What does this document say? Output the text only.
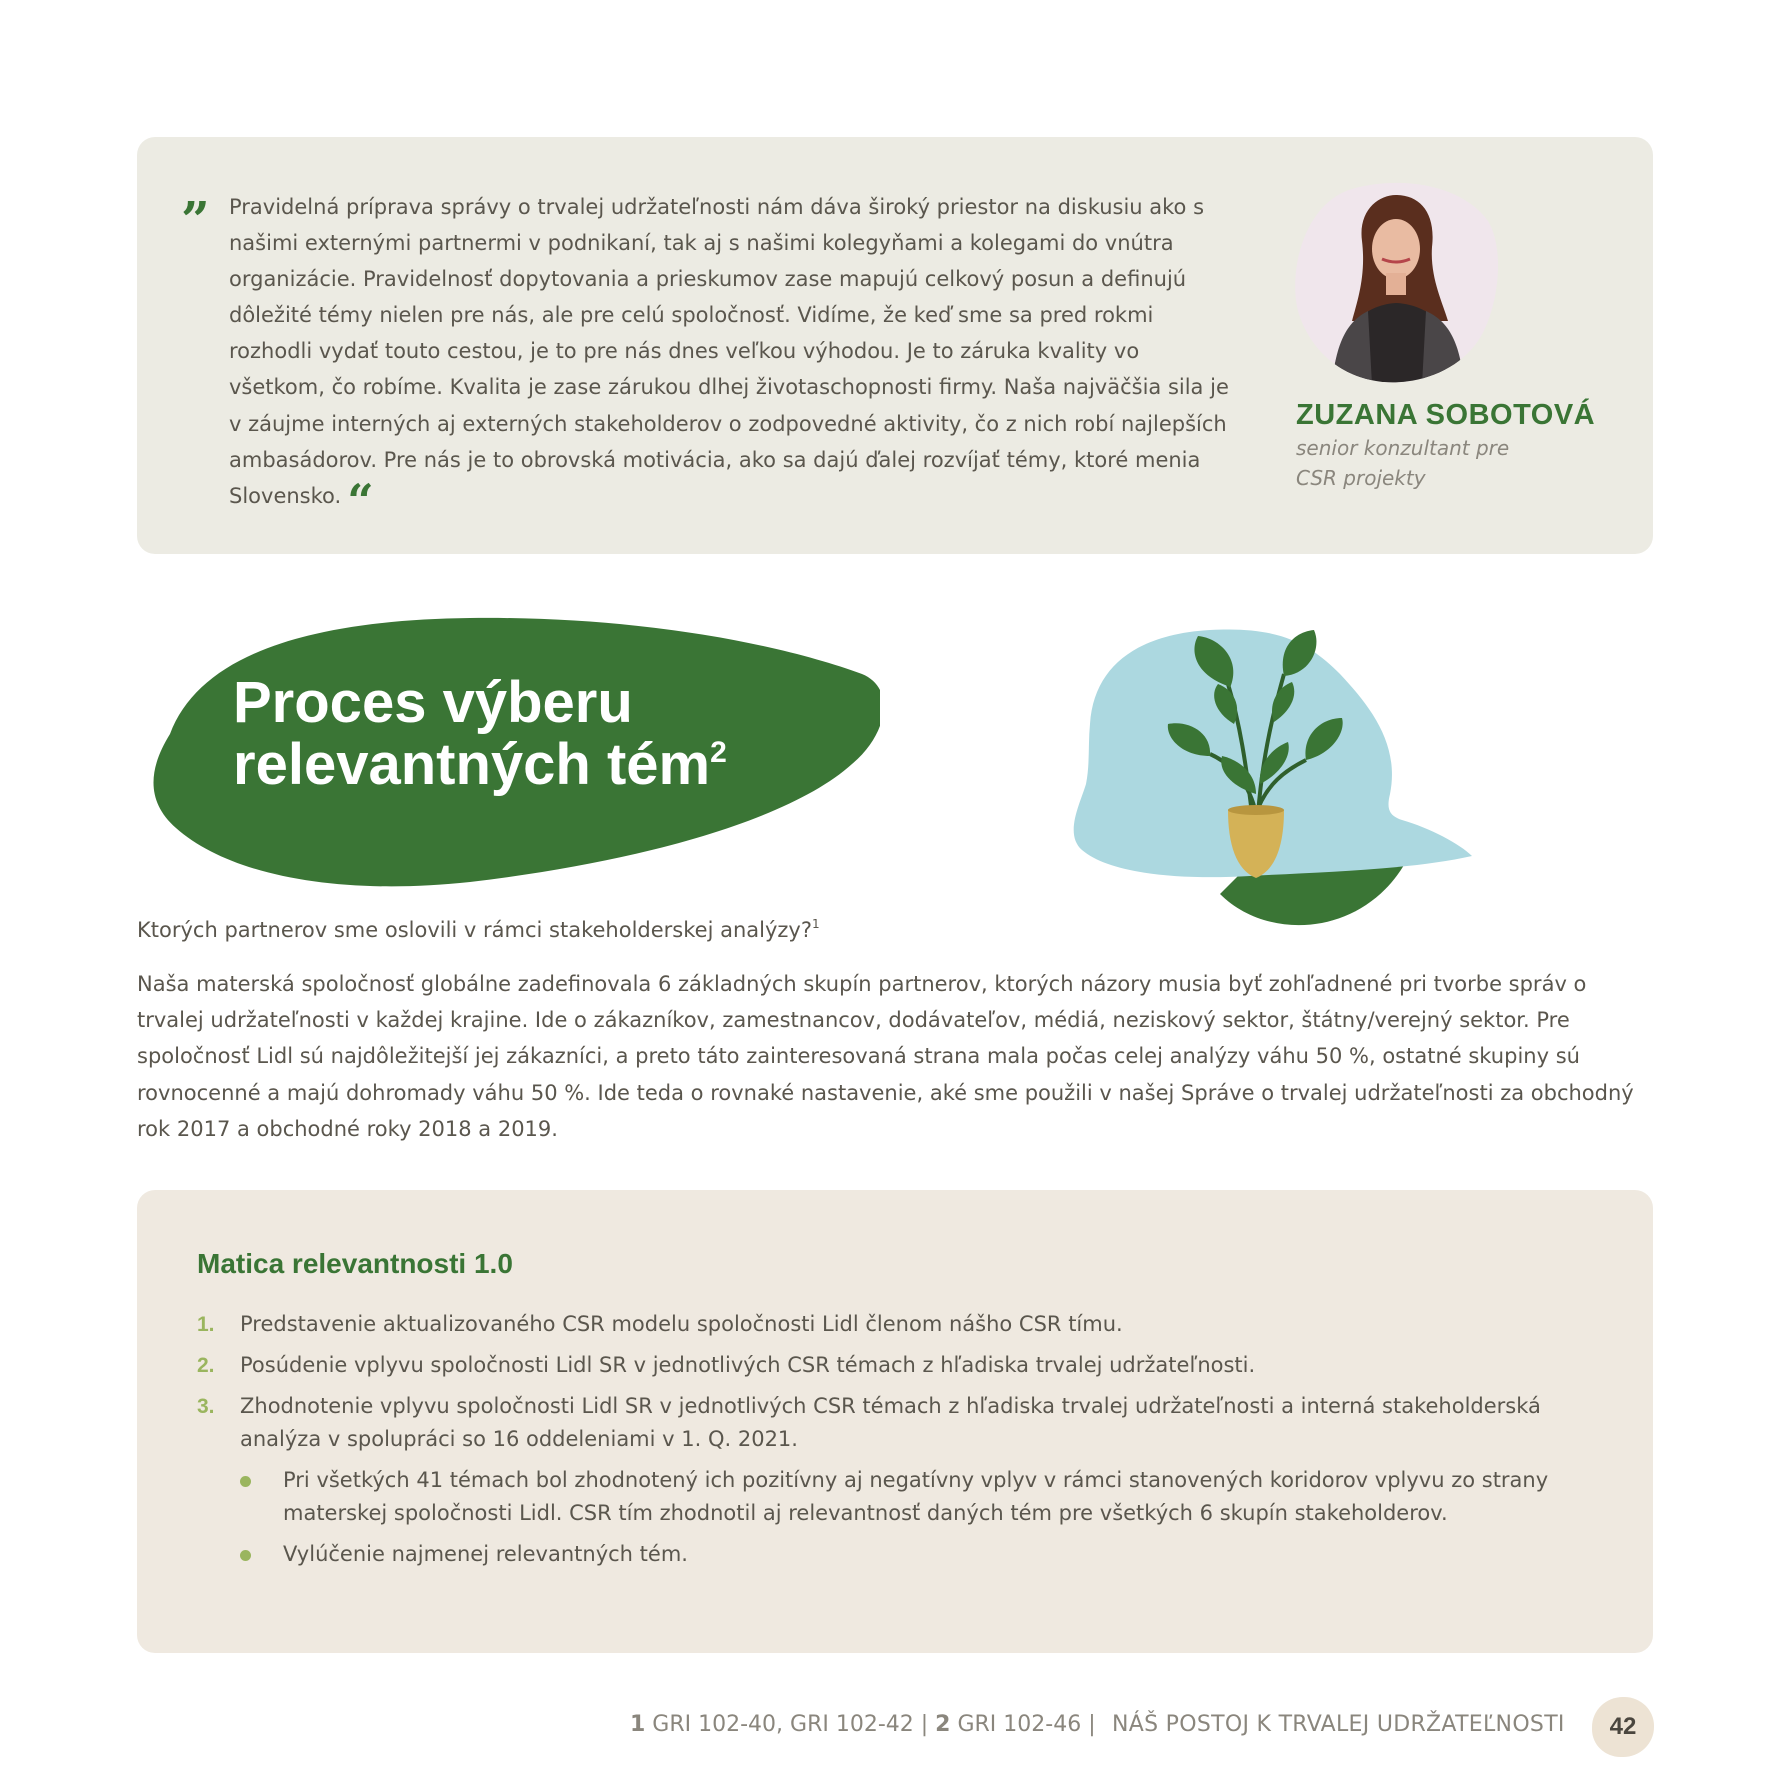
” Pravidelná príprava správy o trvalej udržateľnosti nám dáva široký priestor na diskusiu ako s našimi externými partnermi v podnikaní, tak aj s našimi kolegyňami a kolegami do vnútra organizácie. Pravidelnosť dopytovania a prieskumov zase mapujú celkový posun a definujú dôležité témy nielen pre nás, ale pre celú spoločnosť. Vidíme, že keď sme sa pred rokmi rozhodli vydať touto cestou, je to pre nás dnes veľkou výhodou. Je to záruka kvality vo všetkom, čo robíme. Kvalita je zase zárukou dlhej životaschopnosti firmy. Naša najväčšia sila je v záujme interných aj externých stakeholderov o zodpovedné aktivity, čo z nich robí najlepších ambasádorov. Pre nás je to obrovská motivácia, ako sa dajú ďalej rozvíjať témy, ktoré menia Slovensko. “

ZUZANA SOBOTOVÁ
senior konzultant pre CSR projekty
Proces výberu
relevantných tém$^2$

Ktorých partnerov sme oslovili v rámci stakeholderskej analýzy?$^1$

Naša materská spoločnosť globálne zadefinovala 6 základných skupín partnerov, ktorých názory musia byť zohľadnené pri tvorbe správ o trvalej udržateľnosti v každej krajine. Ide o zákazníkov, zamestnancov, dodávateľov, médiá, neziskový sektor, štátny/verejný sektor. Pre spoločnosť Lidl sú najdôležitejší jej zákazníci, a preto táto zainteresovaná strana mala počas celej analýzy váhu 50 %, ostatné skupiny sú rovnocenné a majú dohromady váhu 50 %. Ide teda o rovnaké nastavenie, aké sme použili v našej Správe o trvalej udržateľnosti za obchodný rok 2017 a obchodné roky 2018 a 2019.

Matica relevantnosti 1.0
1. Predstavenie aktualizovaného CSR modelu spoločnosti Lidl členom nášho CSR tímu.
2. Posúdenie vplyvu spoločnosti Lidl SR v jednotlivých CSR témach z hľadiska trvalej udržateľnosti.
3. Zhodnotenie vplyvu spoločnosti Lidl SR v jednotlivých CSR témach z hľadiska trvalej udržateľnosti a interná stakeholderská analýza v spolupráci so 16 oddeleniami v 1. Q. 2021.
Pri všetkých 41 témach bol zhodnotený ich pozitívny aj negatívny vplyv v rámci stanovených koridorov vplyvu zo strany materskej spoločnosti Lidl. CSR tím zhodnotil aj relevantnosť daných tém pre všetkých 6 skupín stakeholderov.
Vylúčenie najmenej relevantných tém.
1 GRI 102-40, GRI 102-42 | 2 GRI 102-46 | NÁŠ POSTOJ K TRVALEJ UDRŽATEĽNOSTI	42
